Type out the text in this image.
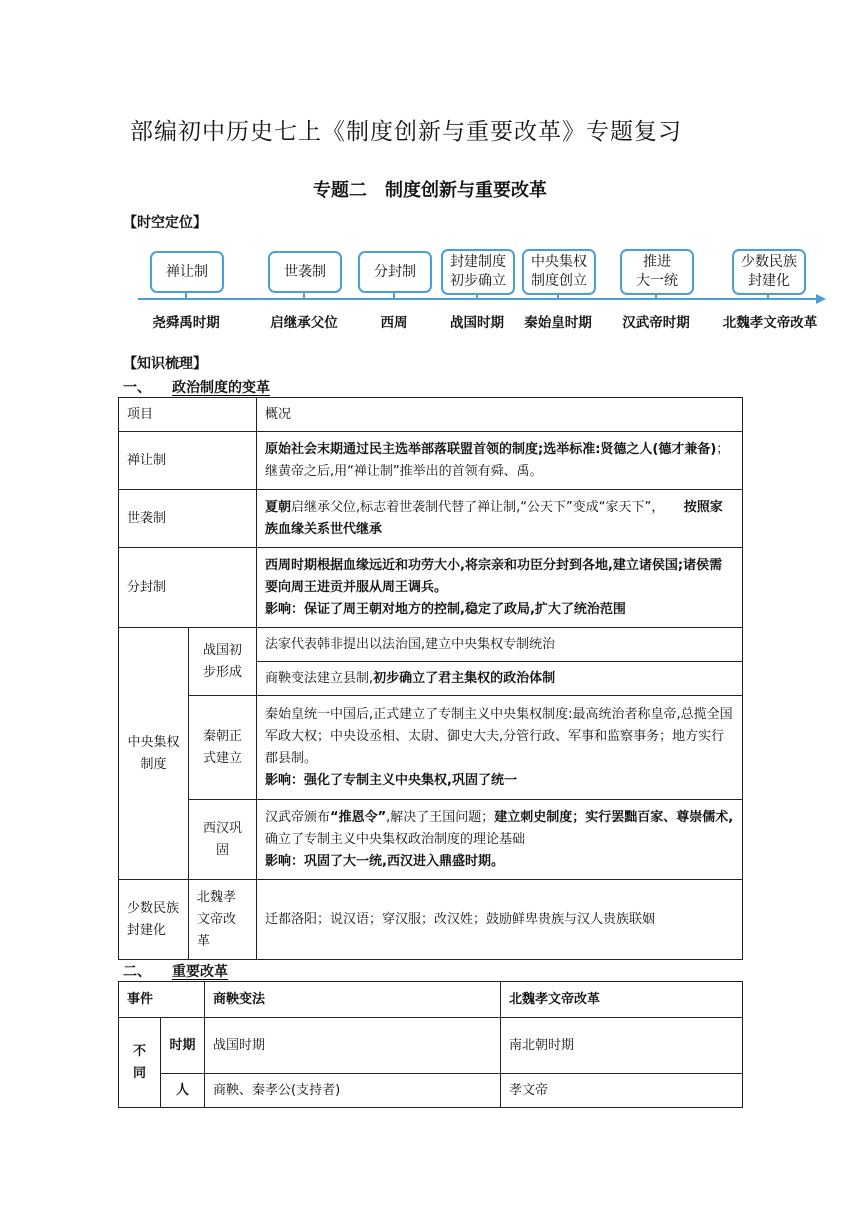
部编初中历史七上《制度创新与重要改革》专题复习
专题二　制度创新与重要改革
【时空定位】
禅让制	世袭制	分封制
封建制度
初步确立
中央集权
制度创立
推进
大一统
少数民族
封建化
尧舜禹时期	启继承父位	西周	战国时期 秦始皇时期 汉武帝时期 北魏孝文帝改革
【知识梳理】
一、　　 政治制度的变革
项目		概况
禅让制		原始社会末期通过民主选举部落联盟首领的制度;选举标准:贤德之人(德才兼备)；继黄帝之后,用“禅让制”推举出的首领有舜、禹。
世袭制		夏朝启继承父位,标志着世袭制代替了禅让制,“公天下”变成“家天下”，　　 按照家族血缘关系世代继承
分封制		西周时期根据血缘远近和功劳大小,将宗亲和功臣分封到各地,建立诸侯国;诸侯需要向周王进贡并服从周王调兵。
影响：保证了周王朝对地方的控制,稳定了政局,扩大了统治范围
中央集权制度	战国初步形成	法家代表韩非提出以法治国,建立中央集权专制统治
		商鞅变法建立县制,初步确立了君主集权的政治体制
	秦朝正式建立	秦始皇统一中国后,正式建立了专制主义中央集权制度:最高统治者称皇帝,总揽全国军政大权；中央设丞相、太尉、御史大夫,分管行政、军事和监察事务；地方实行郡县制。
影响：强化了专制主义中央集权,巩固了统一
	西汉巩固	汉武帝颁布“推恩令”,解决了王国问题；建立刺史制度；实行罢黜百家、尊崇儒术,确立了专制主义中央集权政治制度的理论基础
影响：巩固了大一统,西汉进入鼎盛时期。
少数民族封建化	北魏孝文帝改革	迁都洛阳；说汉语；穿汉服；改汉姓；鼓励鲜卑贵族与汉人贵族联姻
二、　　 重要改革
事件		商鞅变法	北魏孝文帝改革
不同	时期	战国时期	南北朝时期
	人	商鞅、秦孝公(支持者)	孝文帝
